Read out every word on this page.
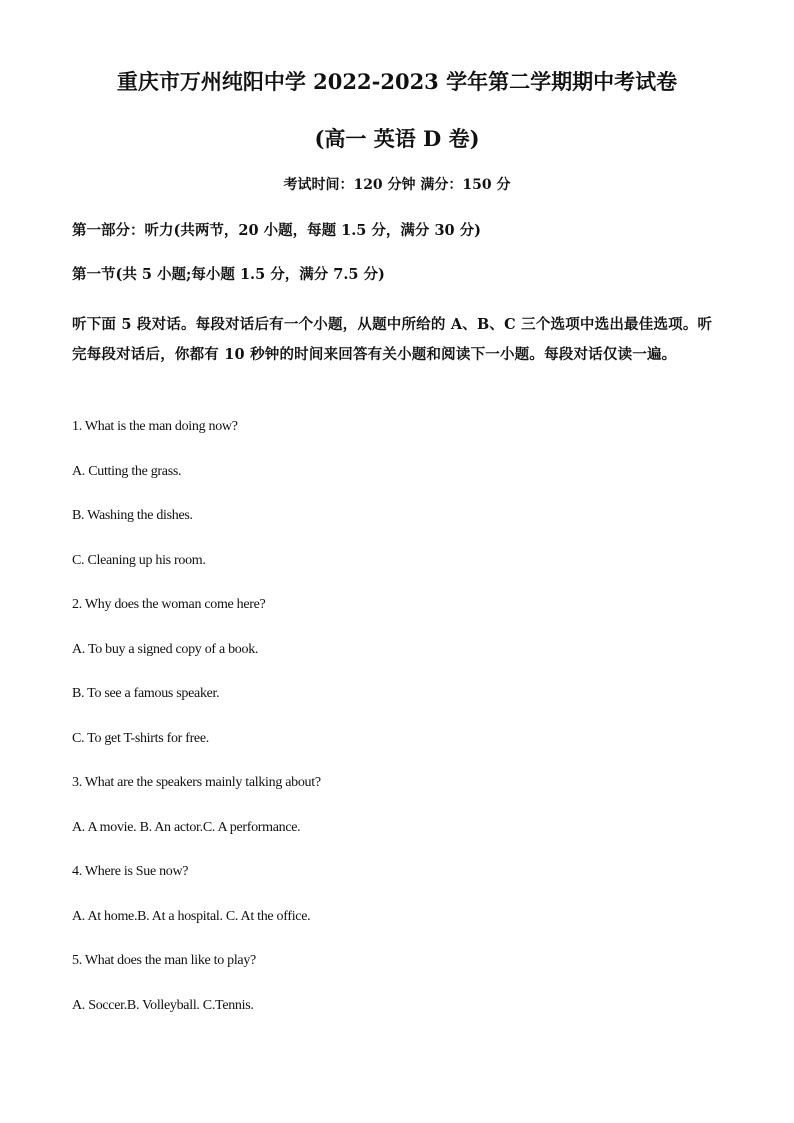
重庆市万州纯阳中学 2022-2023 学年第二学期期中考试卷
(高一 英语 D 卷)
考试时间：120 分钟 满分：150 分
第一部分：听力(共两节，20 小题，每题 1.5 分，满分 30 分)
第一节(共 5 小题;每小题 1.5 分，满分 7.5 分)
听下面 5 段对话。每段对话后有一个小题，从题中所给的 A、B、C 三个选项中选出最佳选项。听完每段对话后，你都有 10 秒钟的时间来回答有关小题和阅读下一小题。每段对话仅读一遍。
1. What is the man doing now?
A. Cutting the grass.
B. Washing the dishes.
C. Cleaning up his room.
2. Why does the woman come here?
A. To buy a signed copy of a book.
B. To see a famous speaker.
C. To get T-shirts for free.
3. What are the speakers mainly talking about?
A. A movie. B. An actor.C. A performance.
4. Where is Sue now?
A. At home.B. At a hospital. C. At the office.
5. What does the man like to play?
A. Soccer.B. Volleyball. C.Tennis.
